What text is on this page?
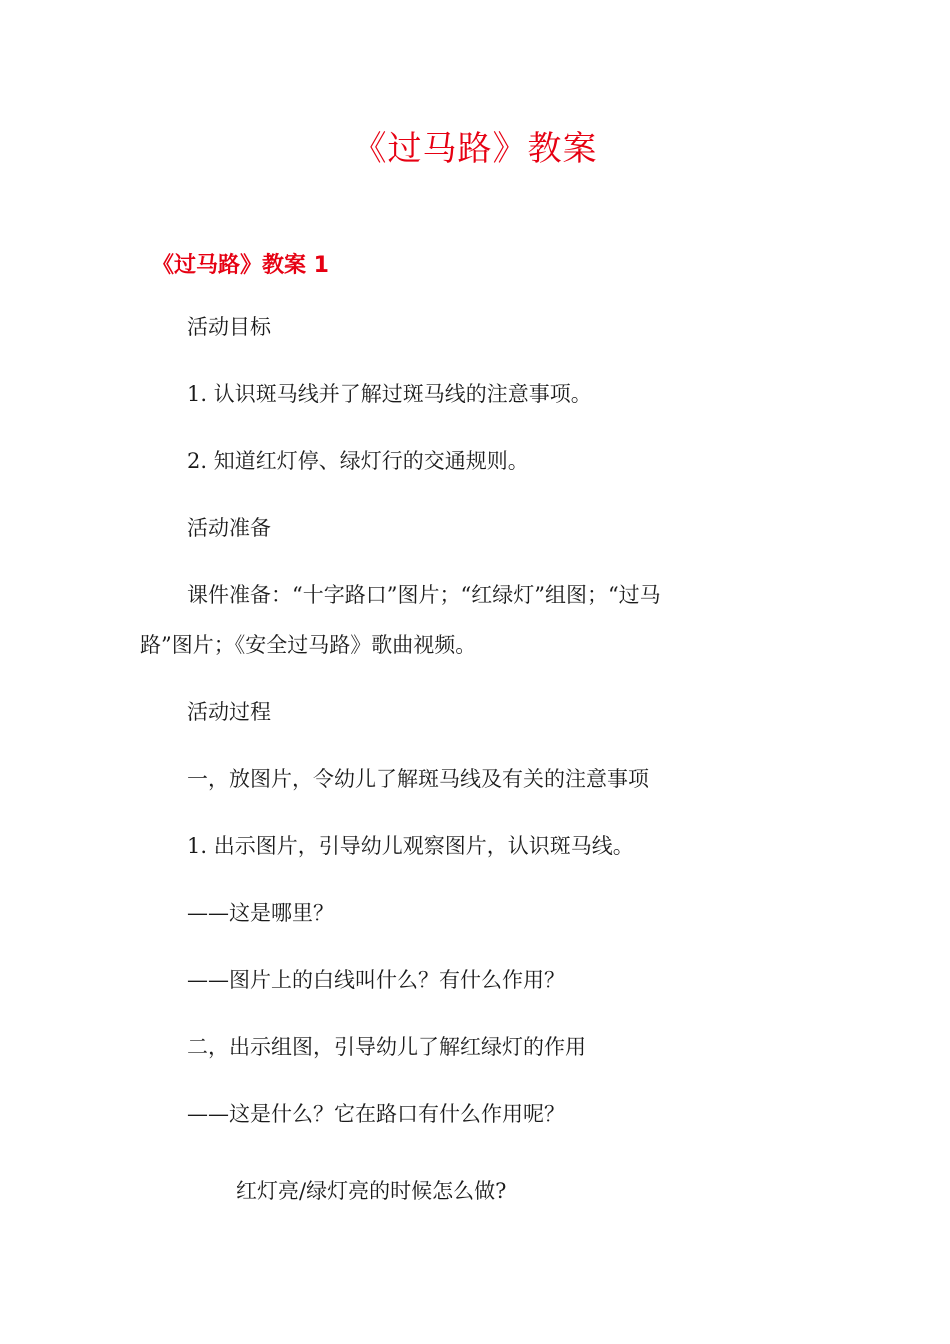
《过马路》教案
《过马路》教案 1
活动目标
1. 认识斑马线并了解过斑马线的注意事项。
2. 知道红灯停、绿灯行的交通规则。
活动准备
课件准备：“十字路口”图片；“红绿灯”组图；“过马
路”图片；《安全过马路》歌曲视频。
活动过程
一，放图片，令幼儿了解斑马线及有关的注意事项
1. 出示图片，引导幼儿观察图片，认识斑马线。
——这是哪里？
——图片上的白线叫什么？有什么作用？
二，出示组图，引导幼儿了解红绿灯的作用
——这是什么？它在路口有什么作用呢？
红灯亮/绿灯亮的时候怎么做?
